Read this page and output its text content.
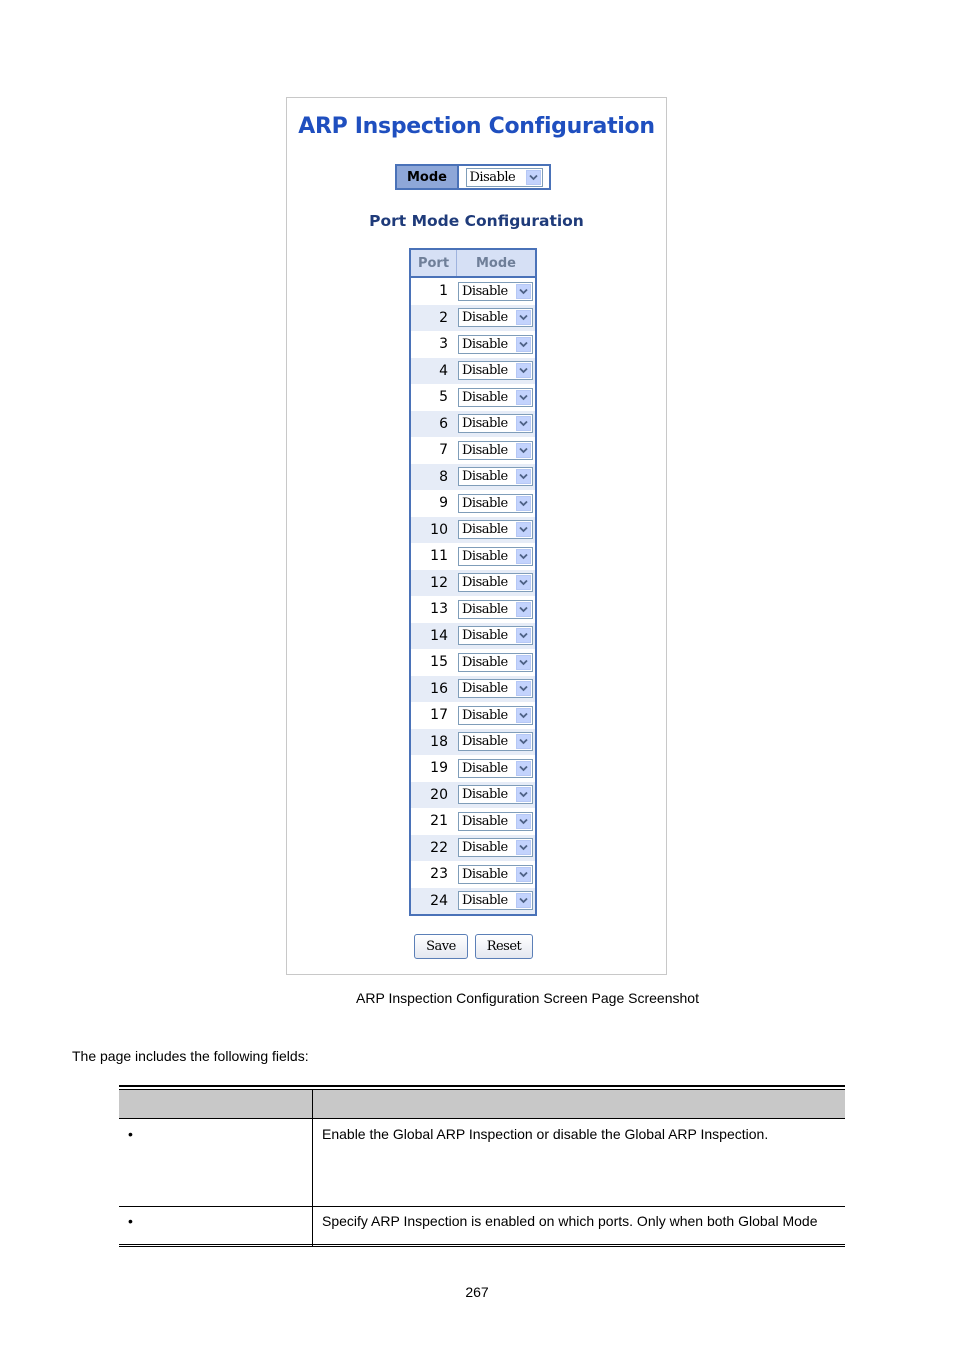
ARP Inspection Configuration
Mode	Disable
Port Mode Configuration
Port	Mode
1	Disable
2	Disable
3	Disable
4	Disable
5	Disable
6	Disable
7	Disable
8	Disable
9	Disable
10	Disable
11	Disable
12	Disable
13	Disable
14	Disable
15	Disable
16	Disable
17	Disable
18	Disable
19	Disable
20	Disable
21	Disable
22	Disable
23	Disable
24	Disable
Save	Reset
ARP Inspection Configuration Screen Page Screenshot
The page includes the following fields:
•	Enable the Global ARP Inspection or disable the Global ARP Inspection.
•	Specify ARP Inspection is enabled on which ports. Only when both Global Mode
267
